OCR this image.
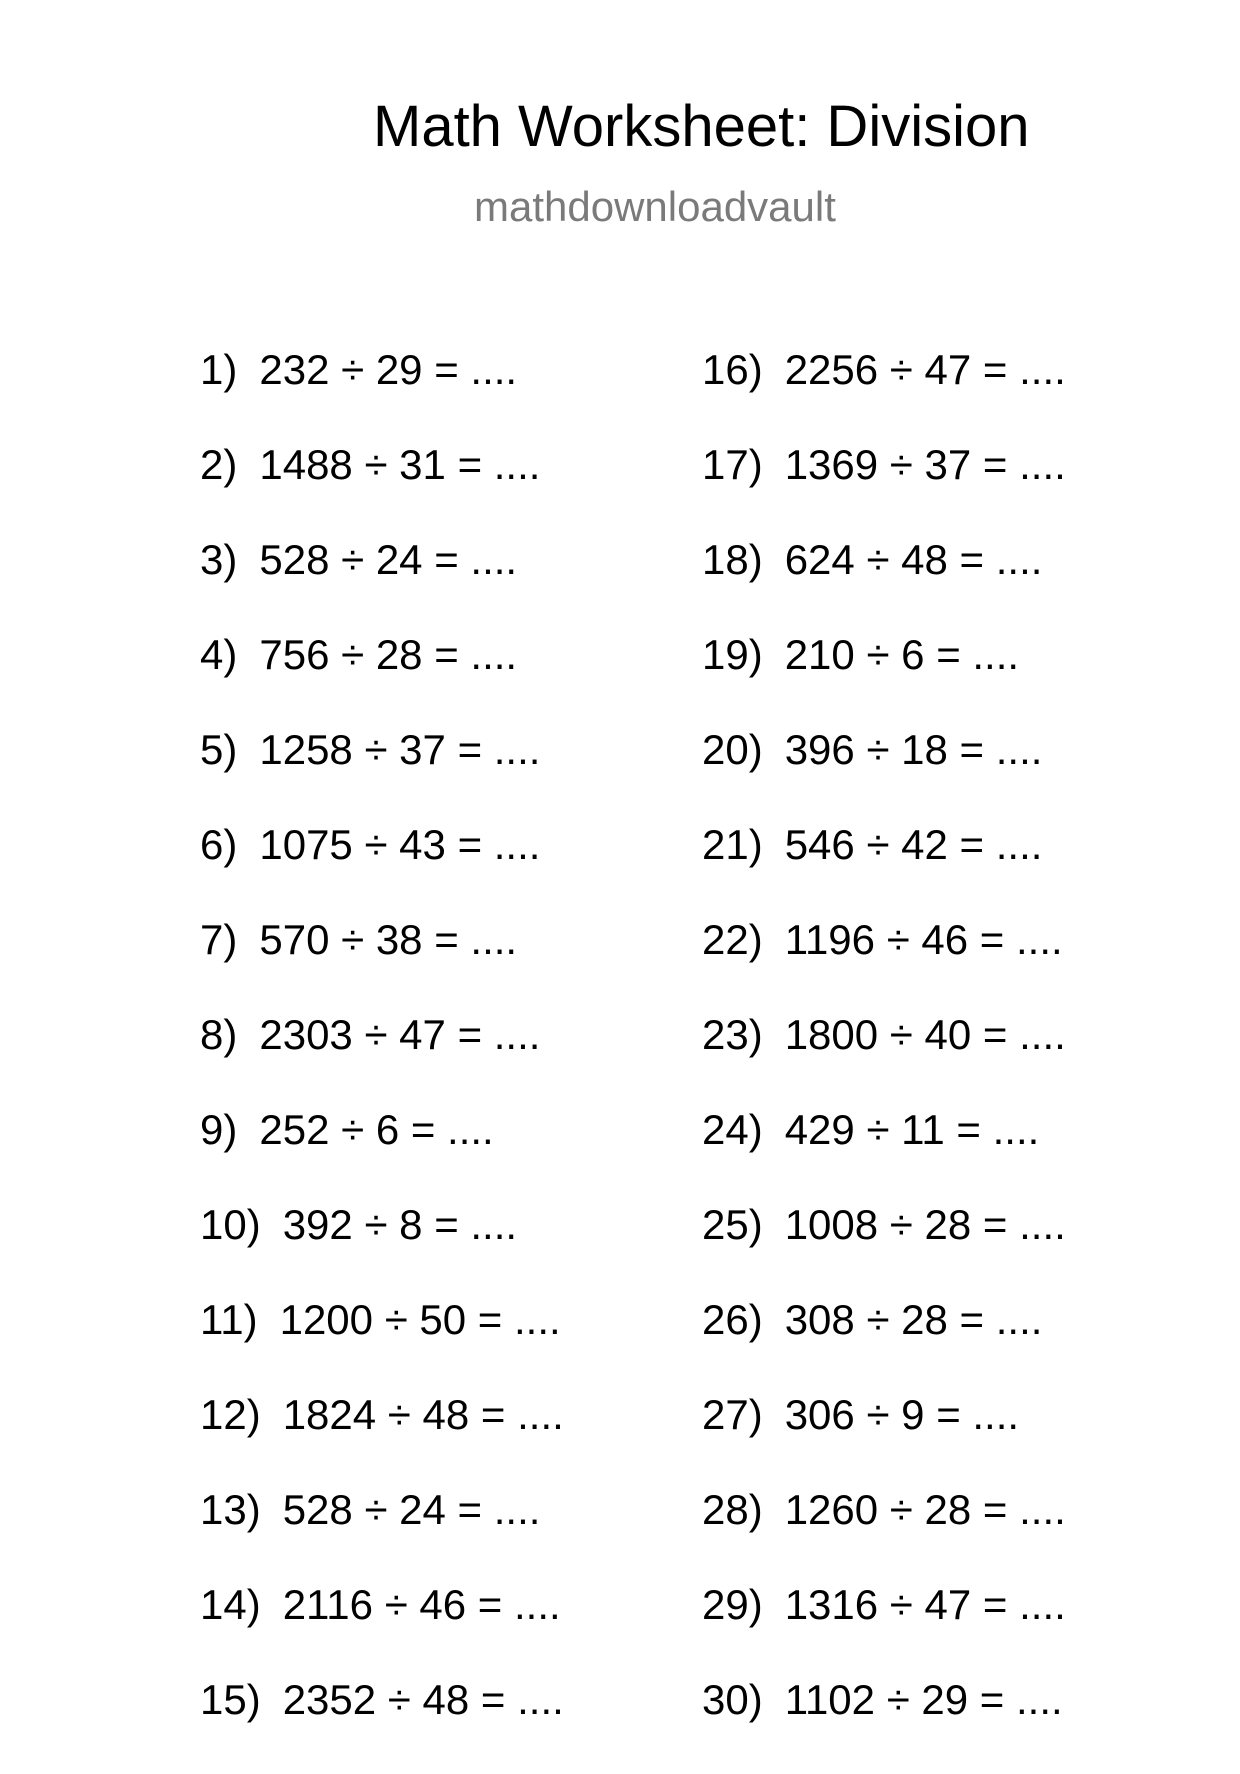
Math Worksheet: Division
mathdownloadvault
1) 232 ÷ 29 = ....
2) 1488 ÷ 31 = ....
3) 528 ÷ 24 = ....
4) 756 ÷ 28 = ....
5) 1258 ÷ 37 = ....
6) 1075 ÷ 43 = ....
7) 570 ÷ 38 = ....
8) 2303 ÷ 47 = ....
9) 252 ÷ 6 = ....
10) 392 ÷ 8 = ....
11) 1200 ÷ 50 = ....
12) 1824 ÷ 48 = ....
13) 528 ÷ 24 = ....
14) 2116 ÷ 46 = ....
15) 2352 ÷ 48 = ....
16) 2256 ÷ 47 = ....
17) 1369 ÷ 37 = ....
18) 624 ÷ 48 = ....
19) 210 ÷ 6 = ....
20) 396 ÷ 18 = ....
21) 546 ÷ 42 = ....
22) 1196 ÷ 46 = ....
23) 1800 ÷ 40 = ....
24) 429 ÷ 11 = ....
25) 1008 ÷ 28 = ....
26) 308 ÷ 28 = ....
27) 306 ÷ 9 = ....
28) 1260 ÷ 28 = ....
29) 1316 ÷ 47 = ....
30) 1102 ÷ 29 = ....
